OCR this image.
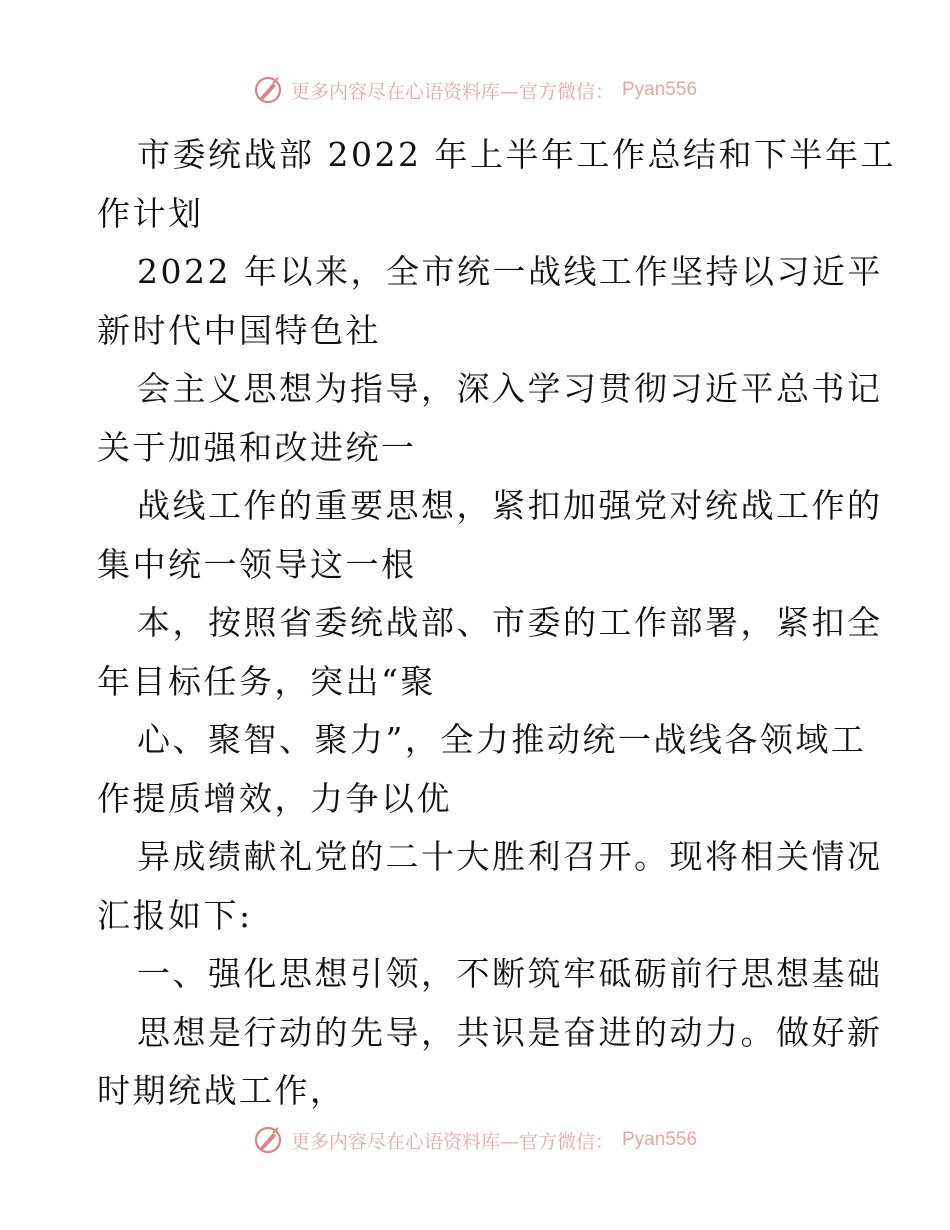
更多内容尽在心语资料库—官方微信： Pyan556
市委统战部 2022 年上半年工作总结和下半年工
作计划
2022 年以来，全市统一战线工作坚持以习近平
新时代中国特色社
会主义思想为指导，深入学习贯彻习近平总书记
关于加强和改进统一
战线工作的重要思想，紧扣加强党对统战工作的
集中统一领导这一根
本，按照省委统战部、市委的工作部署，紧扣全
年目标任务，突出“聚
心、聚智、聚力”，全力推动统一战线各领域工
作提质增效，力争以优
异成绩献礼党的二十大胜利召开。现将相关情况
汇报如下:
一、强化思想引领，不断筑牢砥砺前行思想基础
思想是行动的先导，共识是奋进的动力。做好新
时期统战工作，
更多内容尽在心语资料库—官方微信： Pyan556
